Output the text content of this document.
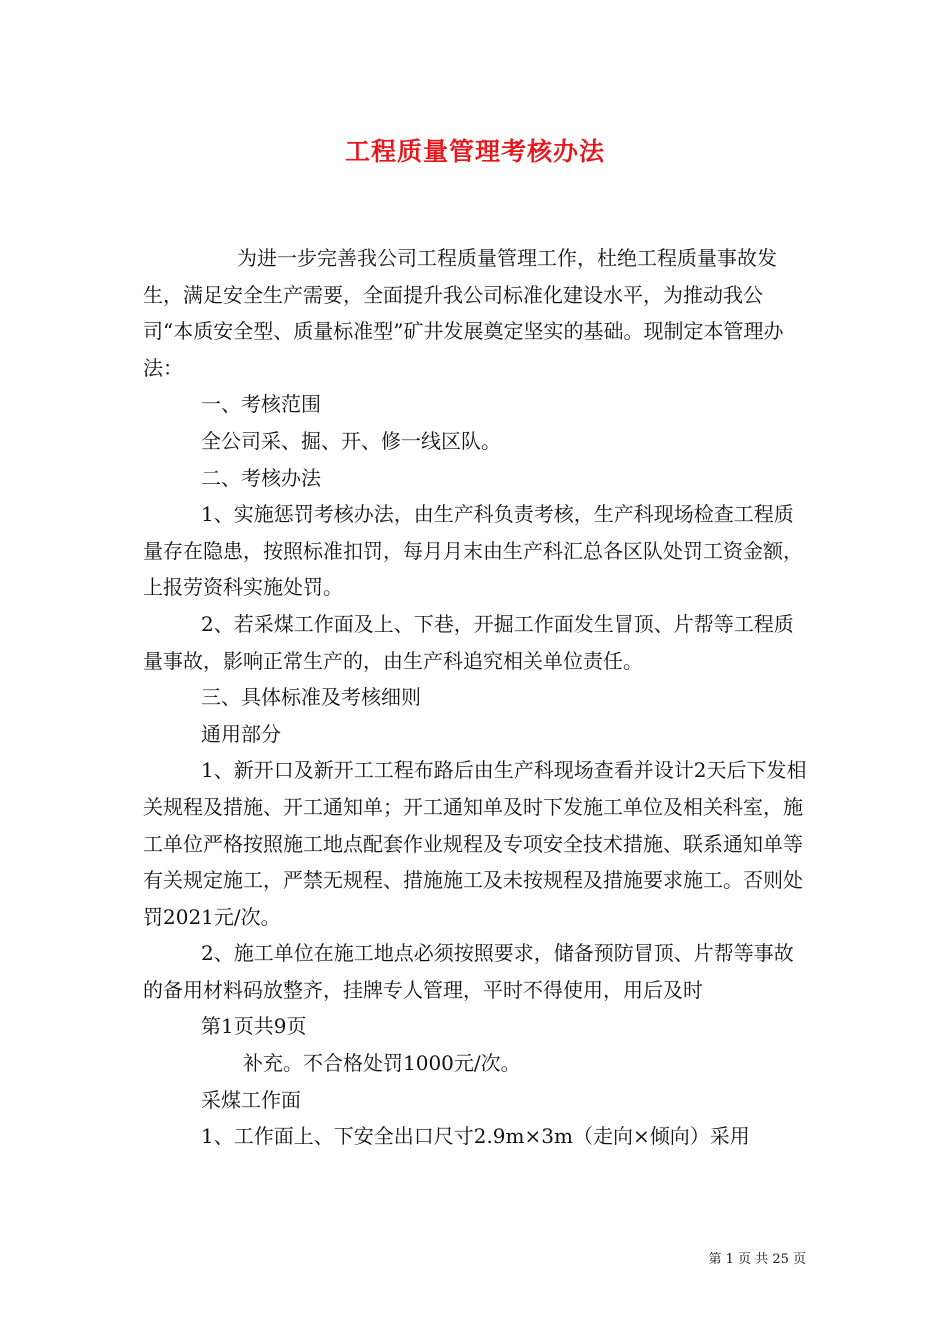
工程质量管理考核办法

为进一步完善我公司工程质量管理工作，杜绝工程质量事故发生，满足安全生产需要，全面提升我公司标准化建设水平，为推动我公司“本质安全型、质量标准型”矿井发展奠定坚实的基础。现制定本管理办法：

一、考核范围

全公司采、掘、开、修一线区队。

二、考核办法

1、实施惩罚考核办法，由生产科负责考核，生产科现场检查工程质量存在隐患，按照标准扣罚，每月月末由生产科汇总各区队处罚工资金额，上报劳资科实施处罚。

2、若采煤工作面及上、下巷，开掘工作面发生冒顶、片帮等工程质量事故，影响正常生产的，由生产科追究相关单位责任。

三、具体标准及考核细则

通用部分

1、新开口及新开工工程布路后由生产科现场查看并设计2天后下发相关规程及措施、开工通知单；开工通知单及时下发施工单位及相关科室，施工单位严格按照施工地点配套作业规程及专项安全技术措施、联系通知单等有关规定施工，严禁无规程、措施施工及未按规程及措施要求施工。否则处罚2021元/次。

2、施工单位在施工地点必须按照要求，储备预防冒顶、片帮等事故的备用材料码放整齐，挂牌专人管理，平时不得使用，用后及时

第1页共9页

补充。不合格处罚1000元/次。

采煤工作面

1、工作面上、下安全出口尺寸2.9m×3m（走向×倾向）采用

第 1 页 共 25 页
